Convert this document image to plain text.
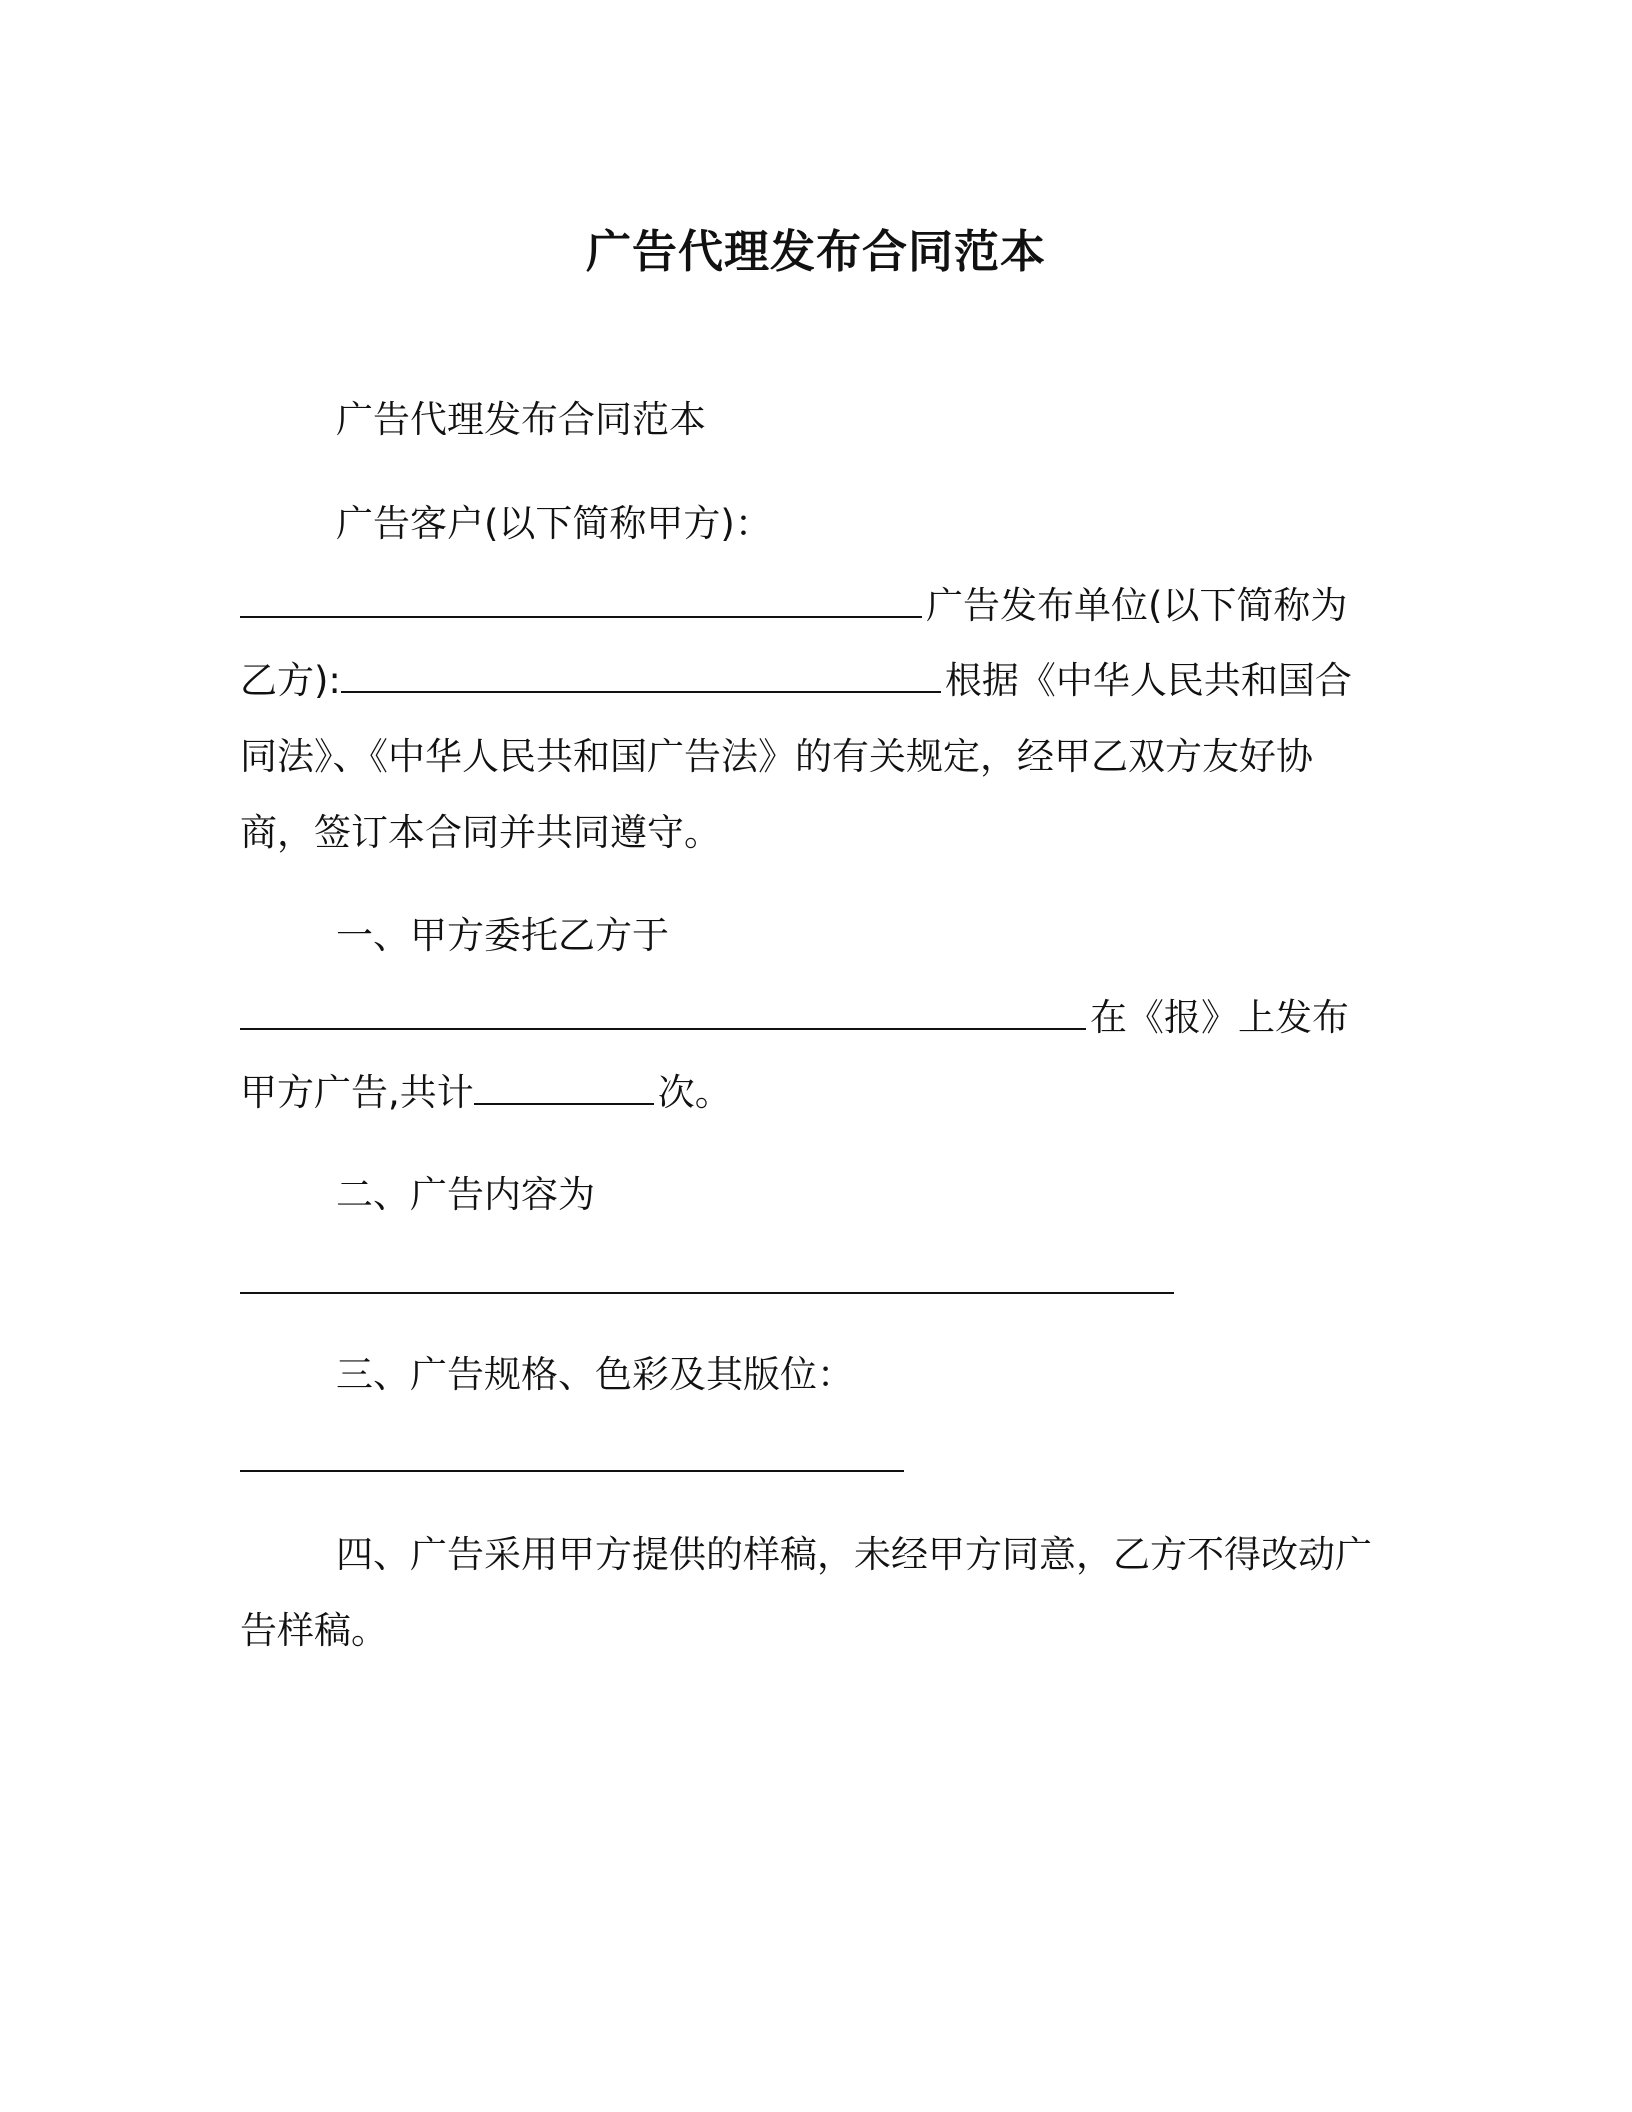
广告代理发布合同范本
广告代理发布合同范本
广告客户(以下简称甲方)：
广告发布单位(以下简称为
乙方):	根据《中华人民共和国合
同法》、《中华人民共和国广告法》的有关规定，经甲乙双方友好协
商，签订本合同并共同遵守。
一、甲方委托乙方于
在《报》上发布
甲方广告,共计	次。
二、广告内容为
三、广告规格、色彩及其版位：
四、广告采用甲方提供的样稿，未经甲方同意，乙方不得改动广
告样稿。
